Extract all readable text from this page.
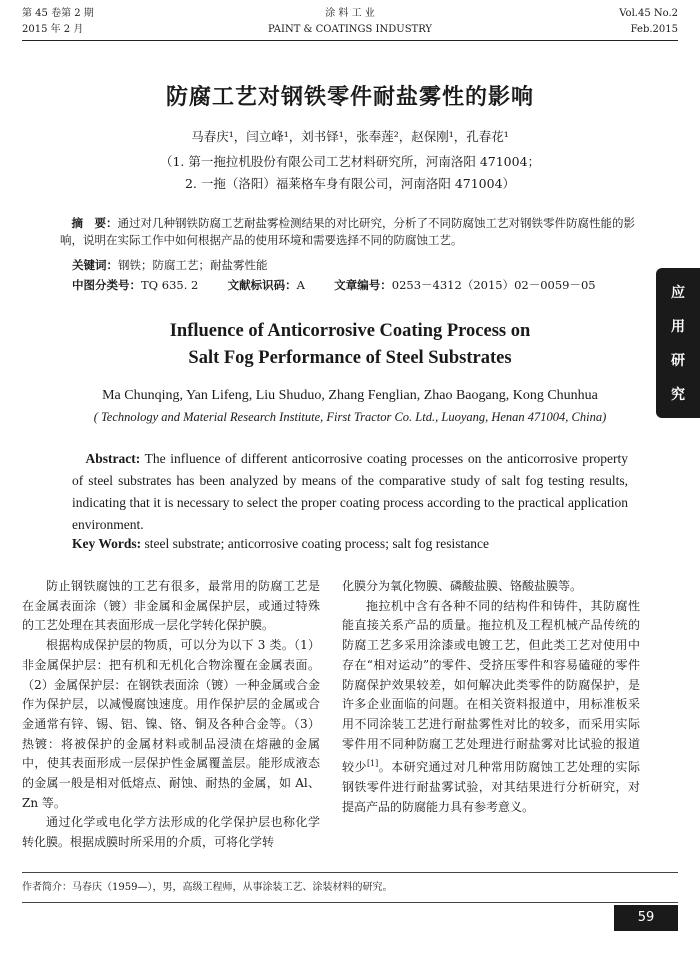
第 45 卷第 2 期
2015 年 2 月
涂 料 工 业
PAINT & COATINGS INDUSTRY
Vol.45 No.2
Feb.2015
防腐工艺对钢铁零件耐盐雾性的影响
马春庆¹，闫立峰¹，刘书铎¹，张奉莲²，赵保刚¹，孔春花¹
（1. 第一拖拉机股份有限公司工艺材料研究所，河南洛阳 471004；
2. 一拖（洛阳）福莱格车身有限公司，河南洛阳 471004）
摘　要：通过对几种钢铁防腐工艺耐盐雾检测结果的对比研究，分析了不同防腐蚀工艺对钢铁零件防腐性能的影响，说明在实际工作中如何根据产品的使用环境和需要选择不同的防腐蚀工艺。
关键词：钢铁；防腐工艺；耐盐雾性能
中图分类号：TQ 635. 2	文献标识码：A	文章编号：0253－4312（2015）02－0059－05
Influence of Anticorrosive Coating Process on
Salt Fog Performance of Steel Substrates
Ma Chunqing, Yan Lifeng, Liu Shuduo, Zhang Fenglian, Zhao Baogang, Kong Chunhua
( Technology and Material Research Institute, First Tractor Co. Ltd., Luoyang, Henan 471004, China)
Abstract: The influence of different anticorrosive coating processes on the anticorrosive property of steel substrates has been analyzed by means of the comparative study of salt fog testing results, indicating that it is necessary to select the proper coating process according to the practical application environment.
Key Words: steel substrate; anticorrosive coating process; salt fog resistance

防止钢铁腐蚀的工艺有很多，最常用的防腐工艺是在金属表面涂（镀）非金属和金属保护层，或通过特殊的工艺处理在其表面形成一层化学转化保护膜。

根据构成保护层的物质，可以分为以下 3 类。（1）非金属保护层：把有机和无机化合物涂覆在金属表面。（2）金属保护层：在钢铁表面涂（镀）一种金属或合金作为保护层，以减慢腐蚀速度。用作保护层的金属或合金通常有锌、锡、铝、镍、铬、铜及各种合金等。（3）热镀：将被保护的金属材料或制品浸渍在熔融的金属中，使其表面形成一层保护性金属覆盖层。能形成液态的金属一般是相对低熔点、耐蚀、耐热的金属，如 Al、Zn 等。

通过化学或电化学方法形成的化学保护层也称化学转化膜。根据成膜时所采用的介质，可将化学转

化膜分为氧化物膜、磷酸盐膜、铬酸盐膜等。

拖拉机中含有各种不同的结构件和铸件，其防腐性能直接关系产品的质量。拖拉机及工程机械产品传统的防腐工艺多采用涂漆或电镀工艺，但此类工艺对使用中存在“相对运动”的零件、受挤压零件和容易磕碰的零件防腐保护效果较差，如何解决此类零件的防腐保护，是许多企业面临的问题。在相关资料报道中，用标准板采用不同涂装工艺进行耐盐雾性对比的较多，而采用实际零件用不同种防腐工艺处理进行耐盐雾对比试验的报道较少[1]。本研究通过对几种常用防腐蚀工艺处理的实际钢铁零件进行耐盐雾试验，对其结果进行分析研究，对提高产品的防腐能力具有参考意义。

作者简介：马春庆（1959—），男，高级工程师，从事涂装工艺、涂装材料的研究。
59
应
用
研
究
